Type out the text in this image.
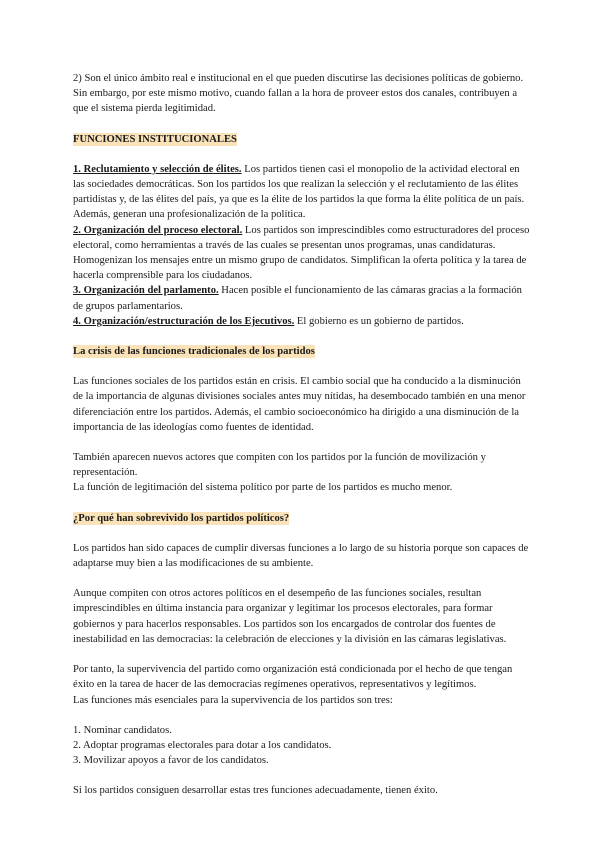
2) Son el único ámbito real e institucional en el que pueden discutirse las decisiones políticas de gobierno. Sin embargo, por este mismo motivo, cuando fallan a la hora de proveer estos dos canales, contribuyen a que el sistema pierda legitimidad.

FUNCIONES INSTITUCIONALES

1. Reclutamiento y selección de élites. Los partidos tienen casi el monopolio de la actividad electoral en las sociedades democráticas. Son los partidos los que realizan la selección y el reclutamiento de las élites partidistas y, de las élites del país, ya que es la élite de los partidos la que forma la élite política de un país. Además, generan una profesionalización de la política.

2. Organización del proceso electoral. Los partidos son imprescindibles como estructuradores del proceso electoral, como herramientas a través de las cuales se presentan unos programas, unas candidaturas. Homogenizan los mensajes entre un mismo grupo de candidatos. Simplifican la oferta política y la tarea de hacerla comprensible para los ciudadanos.

3. Organización del parlamento. Hacen posible el funcionamiento de las cámaras gracias a la formación de grupos parlamentarios.

4. Organización/estructuración de los Ejecutivos. El gobierno es un gobierno de partidos.

La crisis de las funciones tradicionales de los partidos

Las funciones sociales de los partidos están en crisis. El cambio social que ha conducido a la disminución de la importancia de algunas divisiones sociales antes muy nítidas, ha desembocado también en una menor diferenciación entre los partidos. Además, el cambio socioeconómico ha dirigido a una disminución de la importancia de las ideologías como fuentes de identidad.

También aparecen nuevos actores que compiten con los partidos por la función de movilización y representación.

La función de legitimación del sistema político por parte de los partidos es mucho menor.

¿Por qué han sobrevivido los partidos políticos?

Los partidos han sido capaces de cumplir diversas funciones a lo largo de su historia porque son capaces de adaptarse muy bien a las modificaciones de su ambiente.

Aunque compiten con otros actores políticos en el desempeño de las funciones sociales, resultan imprescindibles en última instancia para organizar y legitimar los procesos electorales, para formar gobiernos y para hacerlos responsables. Los partidos son los encargados de controlar dos fuentes de inestabilidad en las democracias: la celebración de elecciones y la división en las cámaras legislativas.

Por tanto, la supervivencia del partido como organización está condicionada por el hecho de que tengan éxito en la tarea de hacer de las democracias regímenes operativos, representativos y legítimos.

Las funciones más esenciales para la supervivencia de los partidos son tres:

1. Nominar candidatos.
2. Adoptar programas electorales para dotar a los candidatos.
3. Movilizar apoyos a favor de los candidatos.

Si los partidos consiguen desarrollar estas tres funciones adecuadamente, tienen éxito.
